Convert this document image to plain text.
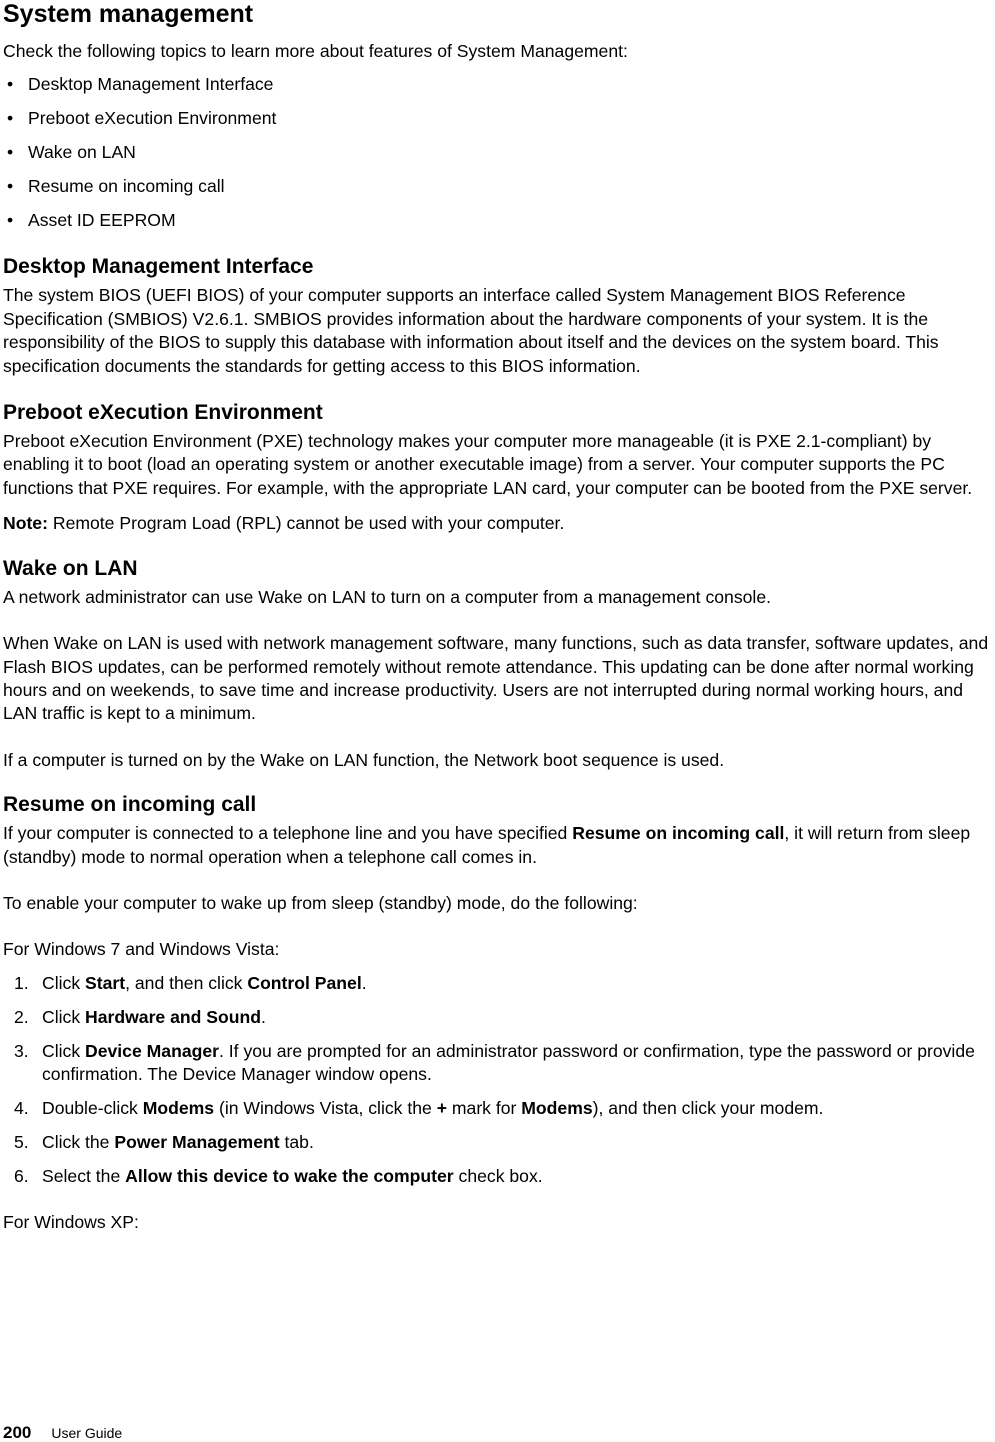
System management

Check the following topics to learn more about features of System Management:

• Desktop Management Interface
• Preboot eXecution Environment
• Wake on LAN
• Resume on incoming call
• Asset ID EEPROM
Desktop Management Interface

The system BIOS (UEFI BIOS) of your computer supports an interface called System Management BIOS Reference Specification (SMBIOS) V2.6.1. SMBIOS provides information about the hardware components of your system. It is the responsibility of the BIOS to supply this database with information about itself and the devices on the system board. This specification documents the standards for getting access to this BIOS information.

Preboot eXecution Environment

Preboot eXecution Environment (PXE) technology makes your computer more manageable (it is PXE 2.1-compliant) by enabling it to boot (load an operating system or another executable image) from a server. Your computer supports the PC functions that PXE requires. For example, with the appropriate LAN card, your computer can be booted from the PXE server.

Note: Remote Program Load (RPL) cannot be used with your computer.

Wake on LAN

A network administrator can use Wake on LAN to turn on a computer from a management console.

When Wake on LAN is used with network management software, many functions, such as data transfer, software updates, and Flash BIOS updates, can be performed remotely without remote attendance. This updating can be done after normal working hours and on weekends, to save time and increase productivity. Users are not interrupted during normal working hours, and LAN traffic is kept to a minimum.

If a computer is turned on by the Wake on LAN function, the Network boot sequence is used.

Resume on incoming call

If your computer is connected to a telephone line and you have specified Resume on incoming call, it will return from sleep (standby) mode to normal operation when a telephone call comes in.

To enable your computer to wake up from sleep (standby) mode, do the following:

For Windows 7 and Windows Vista:

1. Click Start, and then click Control Panel.
2. Click Hardware and Sound.
3. Click Device Manager. If you are prompted for an administrator password or confirmation, type the password or provide confirmation. The Device Manager window opens.
4. Double-click Modems (in Windows Vista, click the + mark for Modems), and then click your modem.
5. Click the Power Management tab.
6. Select the Allow this device to wake the computer check box.

For Windows XP:

200 User Guide
